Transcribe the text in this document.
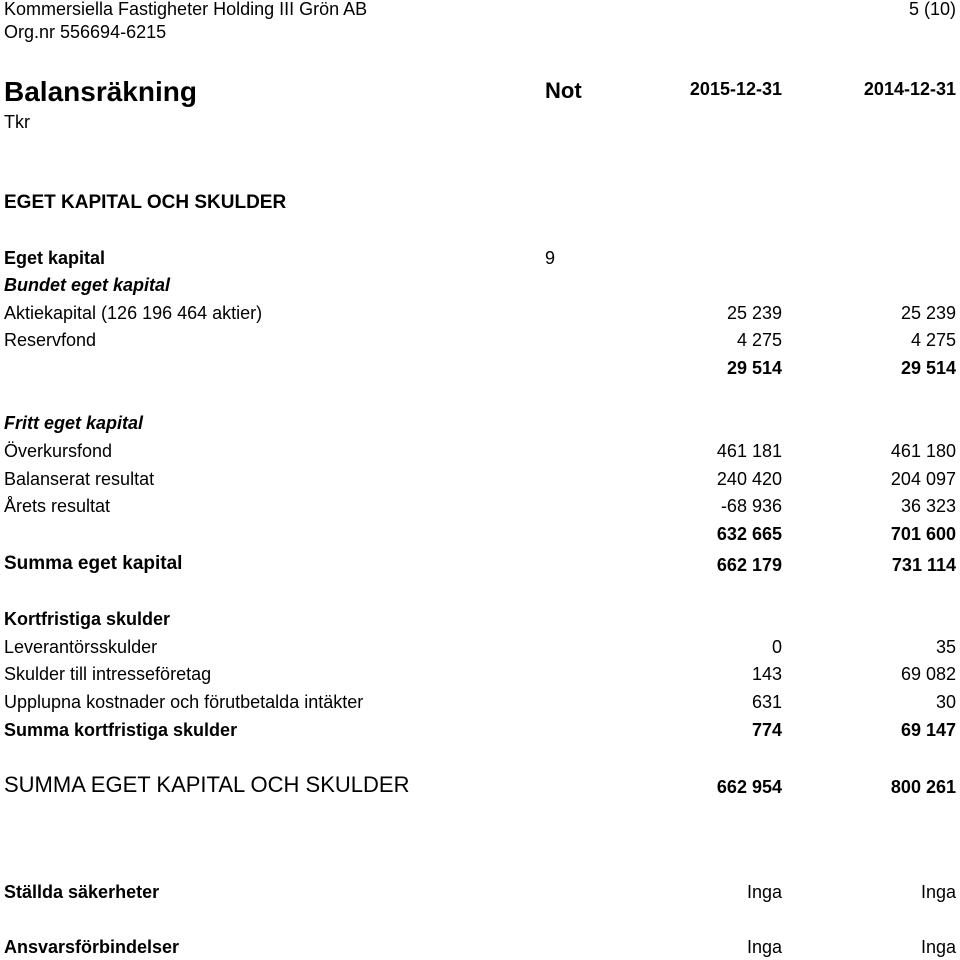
Kommersiella Fastigheter Holding III Grön AB
Org.nr 556694-6215
5 (10)
Balansräkning	Not	2015-12-31	2014-12-31
Tkr
EGET KAPITAL OCH SKULDER
Eget kapital	9
Bundet eget kapital
Aktiekapital (126 196 464 aktier)	25 239	25 239
Reservfond	4 275	4 275
29 514	29 514
Fritt eget kapital
Överkursfond	461 181	461 180
Balanserat resultat	240 420	204 097
Årets resultat	-68 936	36 323
632 665	701 600
Summa eget kapital	662 179	731 114
Kortfristiga skulder
Leverantörsskulder	0	35
Skulder till intresseföretag	143	69 082
Upplupna kostnader och förutbetalda intäkter	631	30
Summa kortfristiga skulder	774	69 147
SUMMA EGET KAPITAL OCH SKULDER	662 954	800 261
Ställda säkerheter	Inga	Inga
Ansvarsförbindelser	Inga	Inga
